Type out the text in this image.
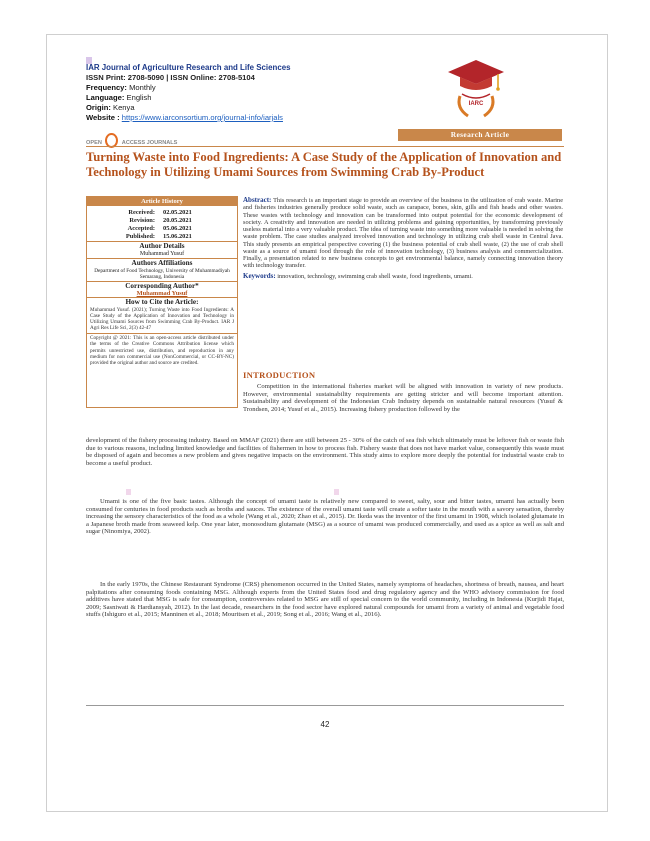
IAR Journal of Agriculture Research and Life Sciences
ISSN Print: 2708-5090 | ISSN Online: 2708-5104
Frequency: Monthly
Language: English
Origin: Kenya
Website : https://www.iarconsortium.org/journal-info/iarjals
IARC
OPEN	ACCESS JOURNALS
Research Article
Turning Waste into Food Ingredients: A Case Study of the Application of Innovation and Technology in Utilizing Umami Sources from Swimming Crab By-Product
Article History
Received: 02.05.2021
Revision: 20.05.2021
Accepted: 05.06.2021
Published: 15.06.2021
Author Details
Muhammad Yusuf
Authors Affiliations
Department of Food Technology, University of Muhammadiyah Semarang, Indonesia
Corresponding Author*
Muhammad Yusuf
How to Cite the Article:
Muhammad Yusuf. (2021); Turning Waste into Food Ingredients: A Case Study of the Application of Innovation and Technology in Utilizing Umami Sources from Swimming Crab By-Product. IAR J Agri Res Life Sci, 2(3) 42-47
Copyright @ 2021: This is an open-access article distributed under the terms of the Creative Commons Attribution license which permits unrestricted use, distribution, and reproduction in any medium for non commercial use (NonCommercial, or CC-BY-NC) provided the original author and source are credited.
Abstract: This research is an important stage to provide an overview of the business in the utilization of crab waste. Marine and fisheries industries generally produce solid waste, such as carapace, bones, skin, gills and fish heads and other wastes. These wastes with technology and innovation can be transformed into output potential for the economic development of society. A creativity and innovation are needed in utilizing problems and gaining opportunities, by transforming previously useless material into a very valuable product. The idea of turning waste into something more valuable is needed in solving the waste problem. The case studies analyzed involved innovation and technology in utilizing crab shell waste in Central Java. This study presents an empirical perspective covering (1) the business potential of crab shell waste, (2) the use of crab shell waste as a source of umami food through the role of innovation technology, (3) business analysis and commercialization. Finally, a presentation related to new business concepts to get environmental balance, namely connecting innovation theory with technology transfer.
Keywords: innovation, technology, swimming crab shell waste, food ingredients, umami.
INTRODUCTION
Competition in the international fisheries market will be aligned with innovation in variety of new products. However, environmental sustainability requirements are getting stricter and will become important attention. Sustainability and development of the Indonesian Crab Industry depends on sustainable natural resources (Yusuf & Trondsen, 2014; Yusuf et al., 2015). Increasing fishery production followed by the
development of the fishery processing industry. Based on MMAF (2021) there are still between 25 - 30% of the catch of sea fish which ultimately must be leftover fish or waste fish due to various reasons, including limited knowledge and facilities of fishermen in how to process fish. Fishery waste that does not have market value, consequently this waste must be disposed of again and becomes a new problem and gives negative impacts on the environment. This study aims to explore more deeply the potential for industrial waste crab to become a useful product.
Umami is one of the five basic tastes. Although the concept of umami taste is relatively new compared to sweet, salty, sour and bitter tastes, umami has actually been consumed for centuries in food products such as broths and sauces. The existence of the overall umami taste will create a softer taste in the mouth with a savory sensation, thereby increasing the sensory characteristics of the food as a whole (Wang et al., 2020; Zhao et al., 2015). Dr. Ikeda was the inventor of the first umami in 1908, which isolated glutamate in a Japanese broth made from seaweed kelp. One year later, monosodium glutamate (MSG) as a source of umami was produced commercially, and used as a spice as well as salt and sugar (Ninomiya, 2002).
In the early 1970s, the Chinese Restaurant Syndrome (CRS) phenomenon occurred in the United States, namely symptoms of headaches, shortness of breath, nausea, and heart palpitations after consuming foods containing MSG. Although experts from the United States food and drug regulatory agency and the WHO advisory commission for food additives have stated that MSG is safe for consumption, controversies related to MSG are still of special concern to the world community, including in Indonesia (Kurjidi Hajat, 2009; Sasniwati & Hardiansyah, 2012). In the last decade, researchers in the food sector have explored natural compounds for umami from a variety of animal and vegetable food stuffs (Ishiguro et al., 2015; Manninen et al., 2018; Mouritsen et al., 2019; Song et al., 2016; Wang et al., 2016).
42
